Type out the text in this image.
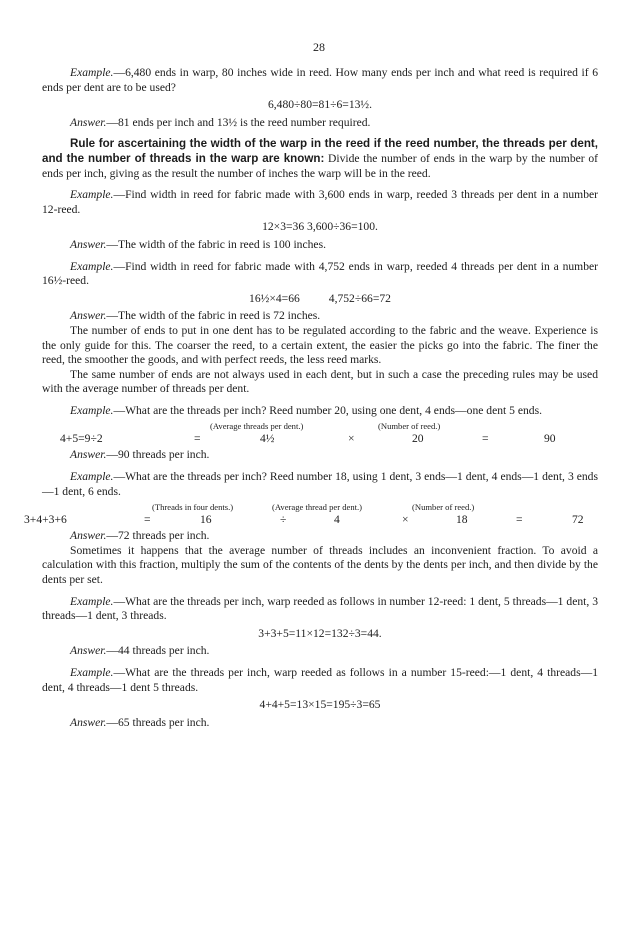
28

Example.—6,480 ends in warp, 80 inches wide in reed. How many ends per inch and what reed is required if 6 ends per dent are to be used?

6,480÷80=81÷6=13½.

Answer.—81 ends per inch and 13½ is the reed number required.

Rule for ascertaining the width of the warp in the reed if the reed number, the threads per dent, and the number of threads in the warp are known: Divide the number of ends in the warp by the number of ends per inch, giving as the result the number of inches the warp will be in the reed.

Example.—Find width in reed for fabric made with 3,600 ends in warp, reeded 3 threads per dent in a number 12-reed.

12×3=36 3,600÷36=100.

Answer.—The width of the fabric in reed is 100 inches.

Example.—Find width in reed for fabric made with 4,752 ends in warp, reeded 4 threads per dent in a number 16½-reed.

16½×4=66          4,752÷66=72

Answer.—The width of the fabric in reed is 72 inches.

The number of ends to put in one dent has to be regulated according to the fabric and the weave. Experience is the only guide for this. The coarser the reed, to a certain extent, the easier the picks go into the fabric. The finer the reed, the smoother the goods, and with perfect reeds, the less reed marks.

The same number of ends are not always used in each dent, but in such a case the preceding rules may be used with the average number of threads per dent.

Example.—What are the threads per inch? Reed number 20, using one dent, 4 ends—one dent 5 ends.

(Average threads per dent.)	(Number of reed.)
4+5=9÷2	=	4½	×	20	=	90

Answer.—90 threads per inch.

Example.—What are the threads per inch? Reed number 18, using 1 dent, 3 ends—1 dent, 4 ends—1 dent, 3 ends—1 dent, 6 ends.

(Threads in four dents.)	(Average thread per dent.)	(Number of reed.)
3+4+3+6	=	16	÷	4	×	18	=	72

Answer.—72 threads per inch.

Sometimes it happens that the average number of threads includes an inconvenient fraction. To avoid a calculation with this fraction, multiply the sum of the contents of the dents by the dents per inch, and then divide by the dents per set.

Example.—What are the threads per inch, warp reeded as follows in number 12-reed: 1 dent, 5 threads—1 dent, 3 threads—1 dent, 3 threads.

3+3+5=11×12=132÷3=44.

Answer.—44 threads per inch.

Example.—What are the threads per inch, warp reeded as follows in a number 15-reed:—1 dent, 4 threads—1 dent, 4 threads—1 dent 5 threads.

4+4+5=13×15=195÷3=65

Answer.—65 threads per inch.
